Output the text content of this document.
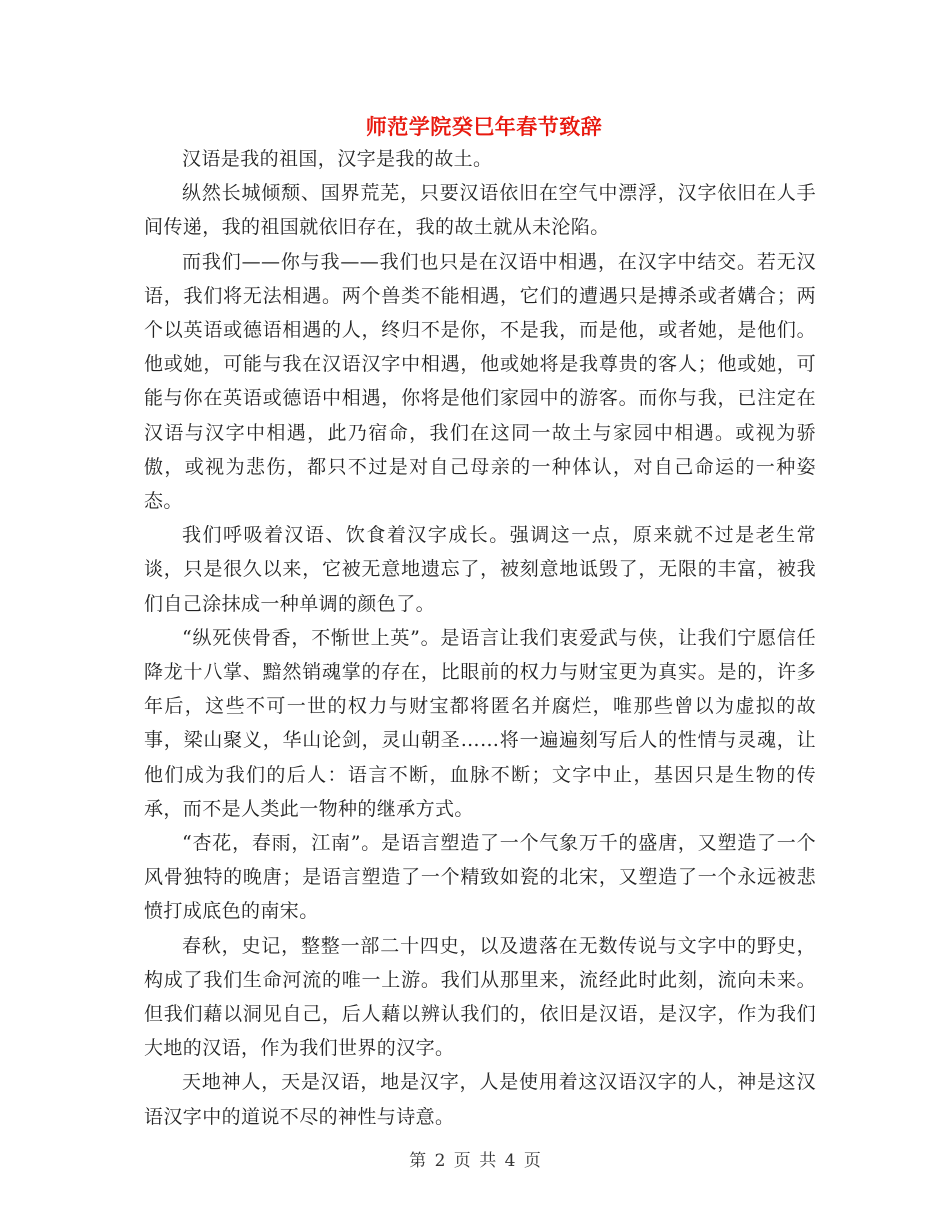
师范学院癸巳年春节致辞

汉语是我的祖国，汉字是我的故土。

纵然长城倾颓、国界荒芜，只要汉语依旧在空气中漂浮，汉字依旧在人手间传递，我的祖国就依旧存在，我的故土就从未沦陷。

而我们——你与我——我们也只是在汉语中相遇，在汉字中结交。若无汉语，我们将无法相遇。两个兽类不能相遇，它们的遭遇只是搏杀或者媾合；两个以英语或德语相遇的人，终归不是你，不是我，而是他，或者她，是他们。他或她，可能与我在汉语汉字中相遇，他或她将是我尊贵的客人；他或她，可能与你在英语或德语中相遇，你将是他们家园中的游客。而你与我，已注定在汉语与汉字中相遇，此乃宿命，我们在这同一故土与家园中相遇。或视为骄傲，或视为悲伤，都只不过是对自己母亲的一种体认，对自己命运的一种姿态。

我们呼吸着汉语、饮食着汉字成长。强调这一点，原来就不过是老生常谈，只是很久以来，它被无意地遗忘了，被刻意地诋毁了，无限的丰富，被我们自己涂抹成一种单调的颜色了。

“纵死侠骨香，不惭世上英”。是语言让我们衷爱武与侠，让我们宁愿信任降龙十八掌、黯然销魂掌的存在，比眼前的权力与财宝更为真实。是的，许多年后，这些不可一世的权力与财宝都将匿名并腐烂，唯那些曾以为虚拟的故事，梁山聚义，华山论剑，灵山朝圣……将一遍遍刻写后人的性情与灵魂，让他们成为我们的后人：语言不断，血脉不断；文字中止，基因只是生物的传承，而不是人类此一物种的继承方式。

“杏花，春雨，江南”。是语言塑造了一个气象万千的盛唐，又塑造了一个风骨独特的晚唐；是语言塑造了一个精致如瓷的北宋，又塑造了一个永远被悲愤打成底色的南宋。

春秋，史记，整整一部二十四史，以及遗落在无数传说与文字中的野史，构成了我们生命河流的唯一上游。我们从那里来，流经此时此刻，流向未来。但我们藉以洞见自己，后人藉以辨认我们的，依旧是汉语，是汉字，作为我们大地的汉语，作为我们世界的汉字。

天地神人，天是汉语，地是汉字，人是使用着这汉语汉字的人，神是这汉语汉字中的道说不尽的神性与诗意。

第 2 页 共 4 页
